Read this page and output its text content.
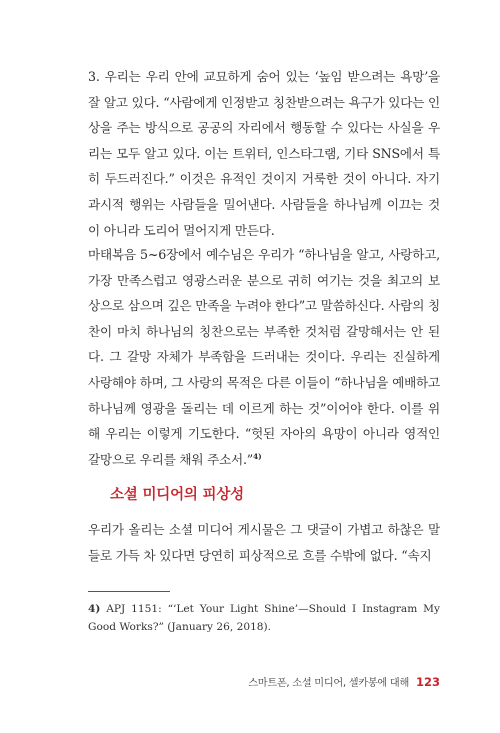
3. 우리는 우리 안에 교묘하게 숨어 있는 ‘높임 받으려는 욕망’을 잘 알고 있다. “사람에게 인정받고 칭찬받으려는 욕구가 있다는 인상을 주는 방식으로 공공의 자리에서 행동할 수 있다는 사실을 우리는 모두 알고 있다. 이는 트위터, 인스타그램, 기타 SNS에서 특히 두드러진다.” 이것은 유적인 것이지 거룩한 것이 아니다. 자기 과시적 행위는 사람들을 밀어낸다. 사람들을 하나님께 이끄는 것이 아니라 도리어 멀어지게 만든다.

마태복음 5~6장에서 예수님은 우리가 “하나님을 알고, 사랑하고, 가장 만족스럽고 영광스러운 분으로 귀히 여기는 것을 최고의 보상으로 삼으며 깊은 만족을 누려야 한다”고 말씀하신다. 사람의 칭찬이 마치 하나님의 칭찬으로는 부족한 것처럼 갈망해서는 안 된다. 그 갈망 자체가 부족함을 드러내는 것이다. 우리는 진실하게 사랑해야 하며, 그 사랑의 목적은 다른 이들이 “하나님을 예배하고 하나님께 영광을 돌리는 데 이르게 하는 것”이어야 한다. 이를 위해 우리는 이렇게 기도한다. “헛된 자아의 욕망이 아니라 영적인 갈망으로 우리를 채워 주소서.”$^{4)}$

소셜 미디어의 피상성

우리가 올리는 소셜 미디어 게시물은 그 댓글이 가볍고 하찮은 말들로 가득 차 있다면 당연히 피상적으로 흐를 수밖에 없다. “속지

4) APJ 1151: “‘Let Your Light Shine’—Should I Instagram My Good Works?” (January 26, 2018).

스마트폰, 소셜 미디어, 셀카봉에 대해 123
